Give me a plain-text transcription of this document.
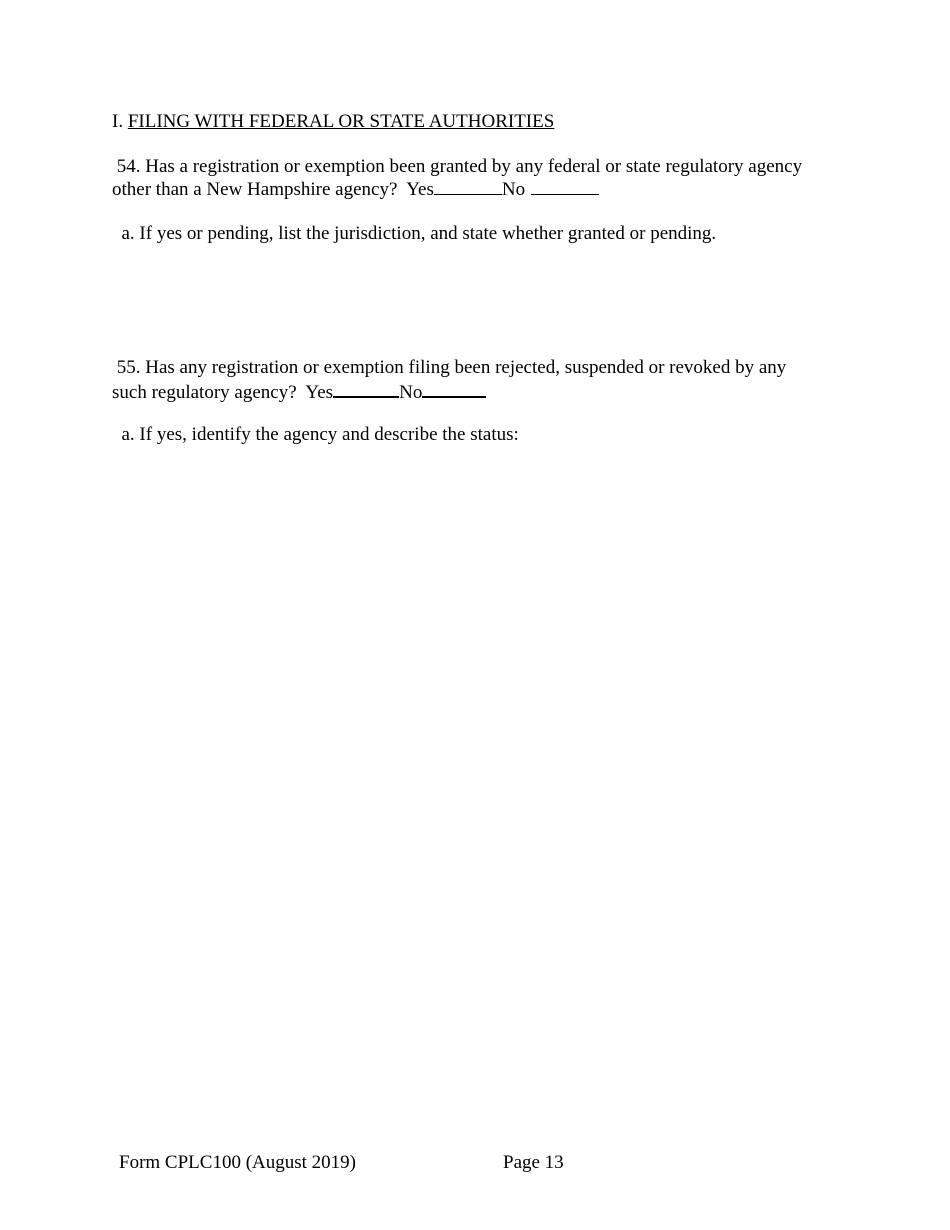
I. FILING WITH FEDERAL OR STATE AUTHORITIES
54. Has a registration or exemption been granted by any federal or state regulatory agency
other than a New Hampshire agency?  Yes	No
a. If yes or pending, list the jurisdiction, and state whether granted or pending.
55. Has any registration or exemption filing been rejected, suspended or revoked by any
such regulatory agency?  Yes	No
a. If yes, identify the agency and describe the status:
Form CPLC100 (August 2019)	Page 13
